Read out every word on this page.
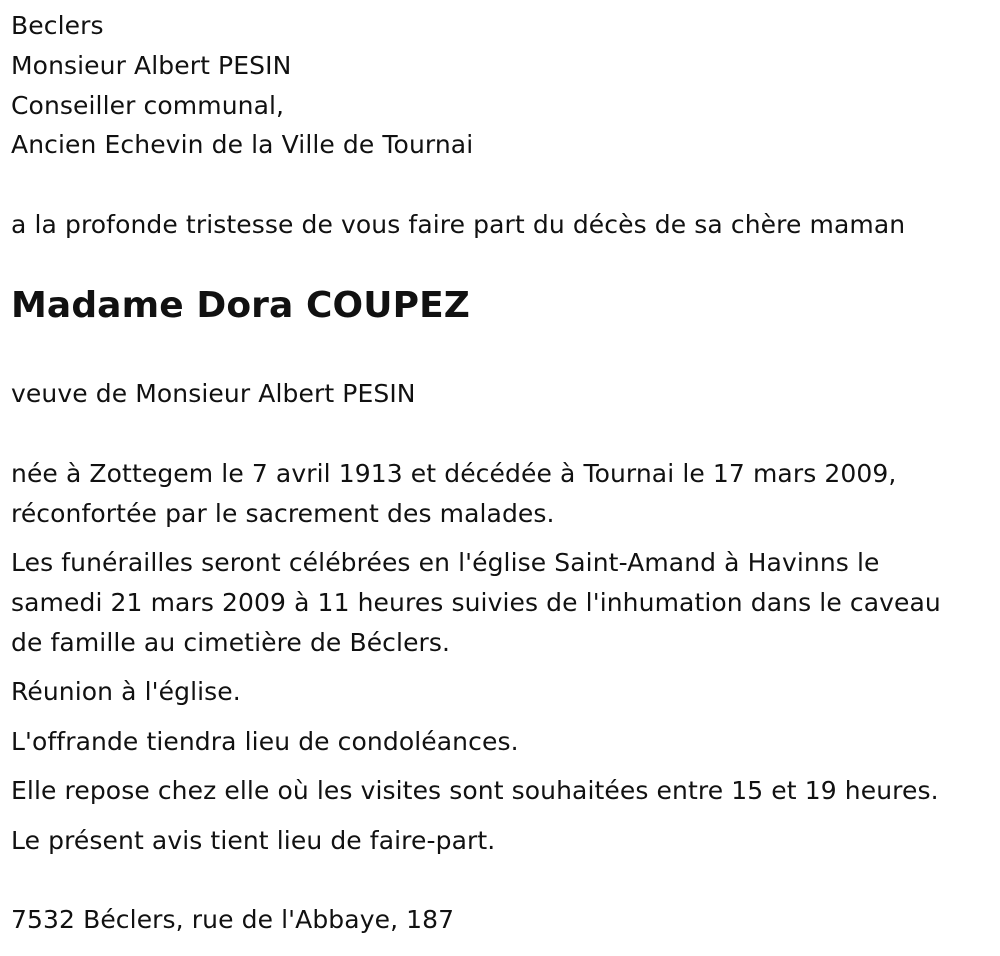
Beclers

Monsieur Albert PESIN

Conseiller communal,

Ancien Echevin de la Ville de Tournai

a la profonde tristesse de vous faire part du décès de sa chère maman

Madame Dora COUPEZ

veuve de Monsieur Albert PESIN

née à Zottegem le 7 avril 1913 et décédée à Tournai le 17 mars 2009,

réconfortée par le sacrement des malades.

Les funérailles seront célébrées en l'église Saint-Amand à Havinns le

samedi 21 mars 2009 à 11 heures suivies de l'inhumation dans le caveau

de famille au cimetière de Béclers.

Réunion à l'église.

L'offrande tiendra lieu de condoléances.

Elle repose chez elle où les visites sont souhaitées entre 15 et 19 heures.

Le présent avis tient lieu de faire-part.

7532 Béclers, rue de l'Abbaye, 187
